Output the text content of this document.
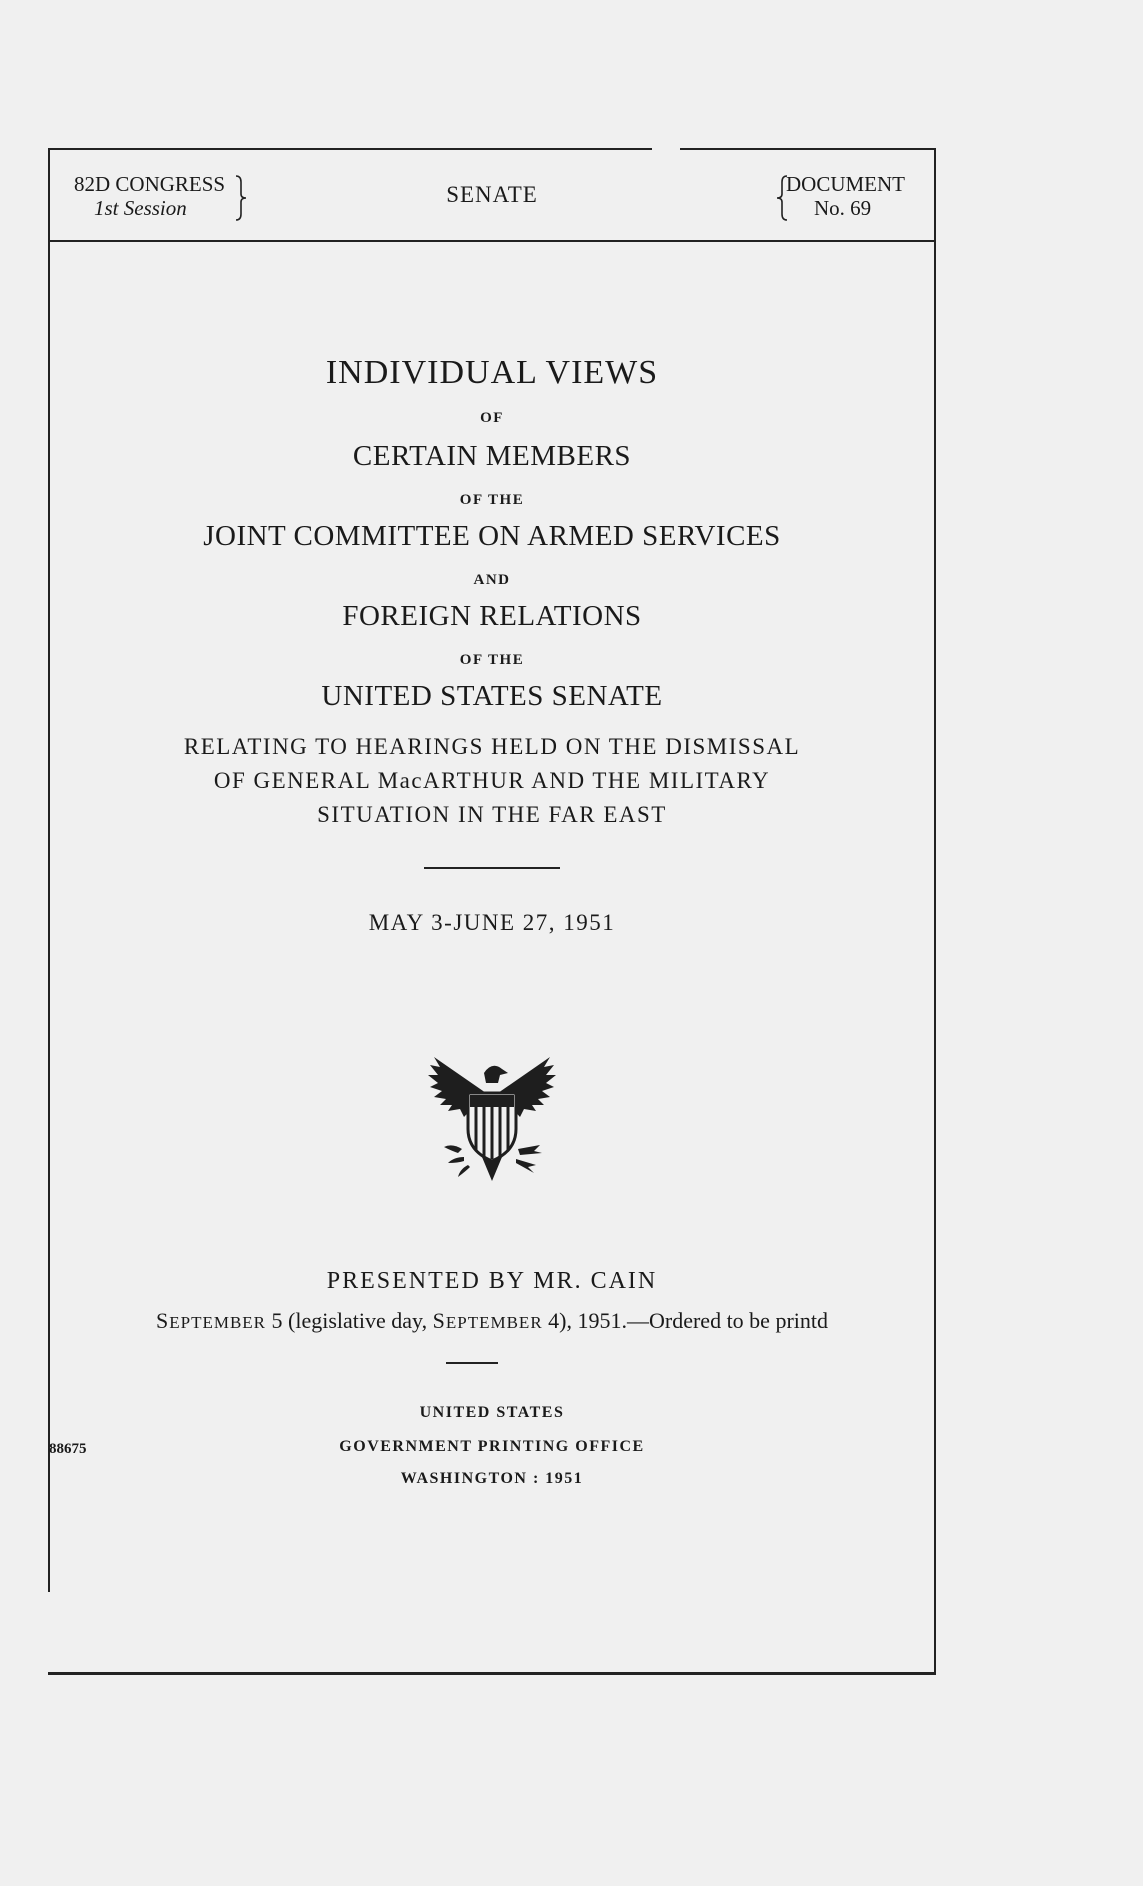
82D CONGRESS
1st Session
SENATE	DOCUMENT
No. 69
INDIVIDUAL VIEWS
OF
CERTAIN MEMBERS
OF THE
JOINT COMMITTEE ON ARMED SERVICES
AND
FOREIGN RELATIONS
OF THE
UNITED STATES SENATE
RELATING TO HEARINGS HELD ON THE DISMISSAL
OF GENERAL MacARTHUR AND THE MILITARY
SITUATION IN THE FAR EAST
MAY 3-JUNE 27, 1951
PRESENTED BY MR. CAIN
SEPTEMBER 5 (legislative day, SEPTEMBER 4), 1951.—Ordered to be printd
UNITED STATES
GOVERNMENT PRINTING OFFICE
WASHINGTON : 1951
88675
